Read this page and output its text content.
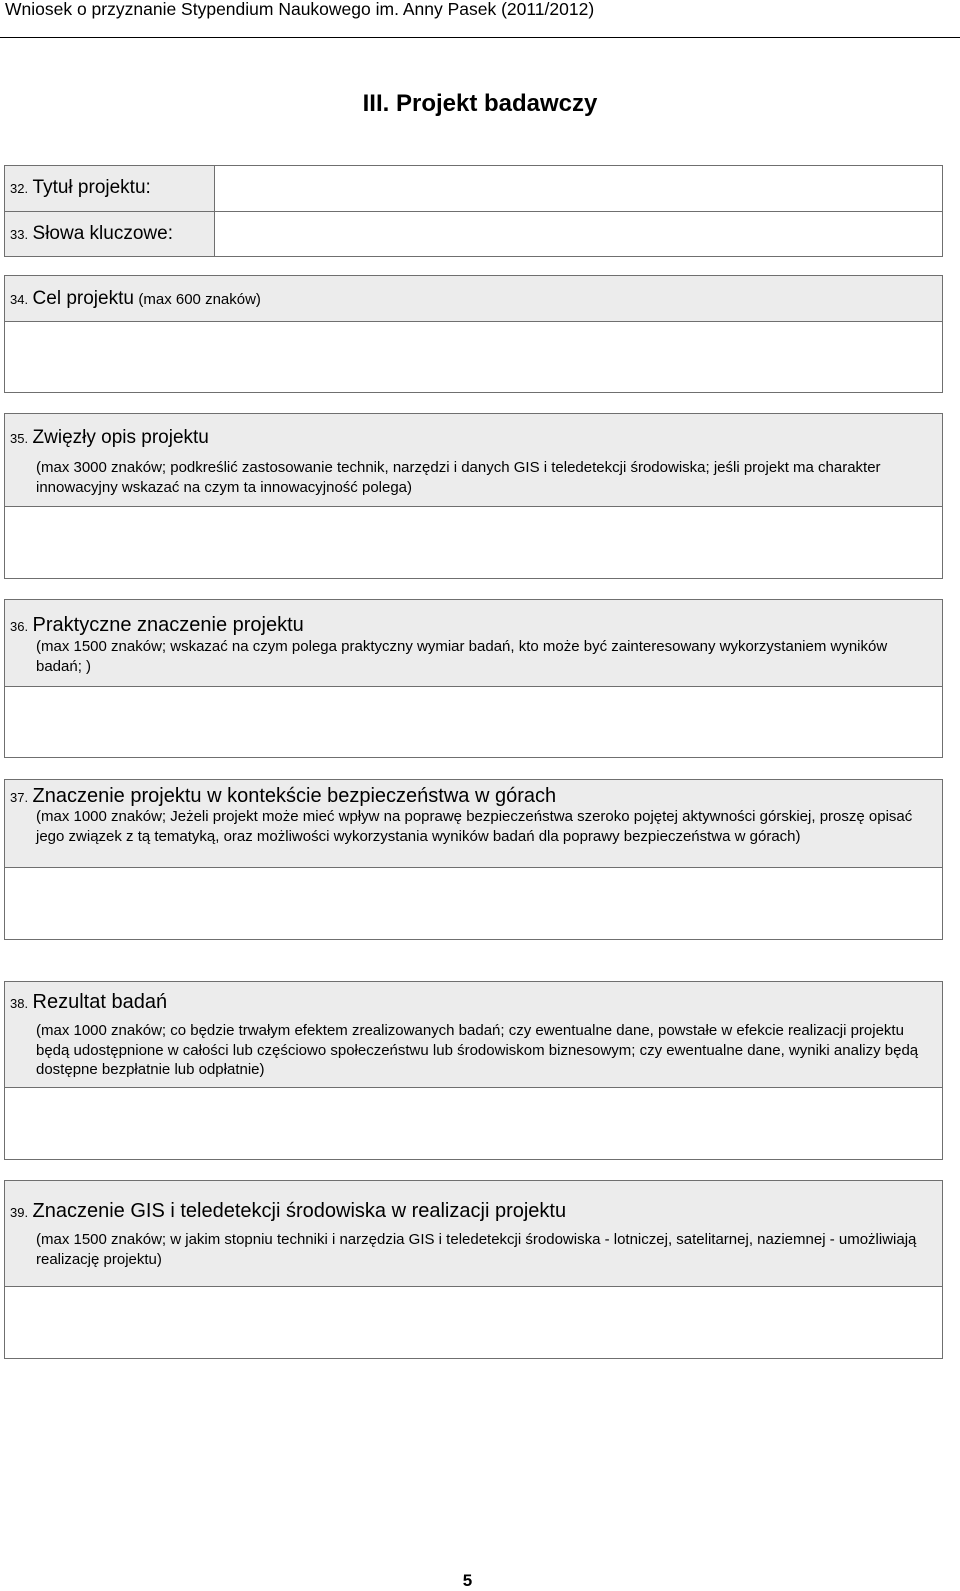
Wniosek o przyznanie Stypendium Naukowego im. Anny Pasek (2011/2012)
III. Projekt badawczy
32. Tytuł projektu:
33. Słowa kluczowe:
34. Cel projektu (max 600 znaków)
35. Zwięzły opis projektu
(max 3000 znaków; podkreślić zastosowanie technik, narzędzi i danych GIS i teledetekcji środowiska; jeśli projekt ma charakter innowacyjny wskazać na czym ta innowacyjność polega)
36. Praktyczne znaczenie projektu
(max 1500 znaków; wskazać na czym polega praktyczny wymiar badań, kto może być zainteresowany wykorzystaniem wyników badań; )
37. Znaczenie projektu w kontekście bezpieczeństwa w górach
(max 1000 znaków; Jeżeli projekt może mieć wpływ na poprawę bezpieczeństwa szeroko pojętej aktywności górskiej, proszę opisać jego związek z tą tematyką, oraz możliwości wykorzystania wyników badań dla poprawy bezpieczeństwa w górach)
38. Rezultat badań
(max 1000 znaków; co będzie trwałym efektem zrealizowanych badań; czy ewentualne dane, powstałe w efekcie realizacji projektu będą udostępnione w całości lub częściowo społeczeństwu lub środowiskom biznesowym; czy ewentualne dane, wyniki analizy będą dostępne bezpłatnie lub odpłatnie)
39. Znaczenie GIS i teledetekcji środowiska w realizacji projektu
(max 1500 znaków; w jakim stopniu techniki i narzędzia GIS i teledetekcji środowiska - lotniczej, satelitarnej, naziemnej - umożliwiają realizację projektu)
5
